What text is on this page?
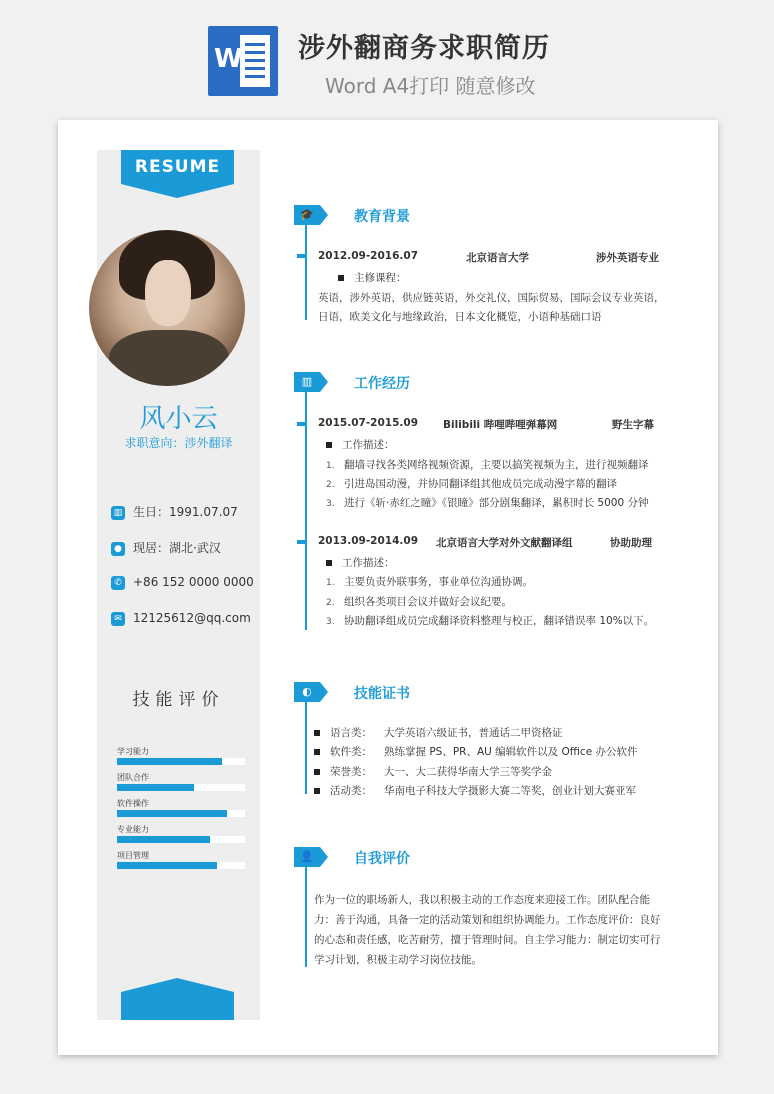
W 涉外翻商务求职简历
Word A4打印 随意修改
RESUME
风小云
求职意向：涉外翻译
▥ 生日：1991.07.07
● 现居：湖北·武汉
✆ +86 152 0000 0000
✉ 12125612@qq.com
技能评价
学习能力
团队合作
软件操作
专业能力
项目管理
🎓	教育背景
2012.09-2016.07	北京语言大学	涉外英语专业
主修课程：
英语，涉外英语，供应链英语，外交礼仪，国际贸易，国际会议专业英语，
日语，欧美文化与地缘政治，日本文化概览，小语种基础口语
▥	工作经历
2015.07-2015.09 Bilibili 哔哩哔哩弹幕网	野生字幕
工作描述：
1. 翻墙寻找各类网络视频资源，主要以搞笑视频为主，进行视频翻译
2. 引进岛国动漫，并协同翻译组其他成员完成动漫字幕的翻译
3. 进行《斩·赤红之瞳》《银瞳》部分剧集翻译，累积时长 5000 分钟
2013.09-2014.09 北京语言大学对外文献翻译组	协助助理
工作描述：
1. 主要负责外联事务，事业单位沟通协调。
2. 组织各类项目会议并做好会议纪要。
3. 协助翻译组成员完成翻译资料整理与校正，翻译错误率 10%以下。
◐	技能证书
语言类： 大学英语六级证书，普通话二甲资格证
软件类： 熟练掌握 PS、PR、AU 编辑软件以及 Office 办公软件
荣誉类： 大一、大二获得华南大学三等奖学金
活动类： 华南电子科技大学摄影大赛二等奖，创业计划大赛亚军
👤	自我评价
作为一位的职场新人，我以积极主动的工作态度来迎接工作。团队配合能力：善于沟通，具备一定的活动策划和组织协调能力。工作态度评价：良好的心态和责任感，吃苦耐劳，擅于管理时间。自主学习能力：制定切实可行学习计划，积极主动学习岗位技能。
